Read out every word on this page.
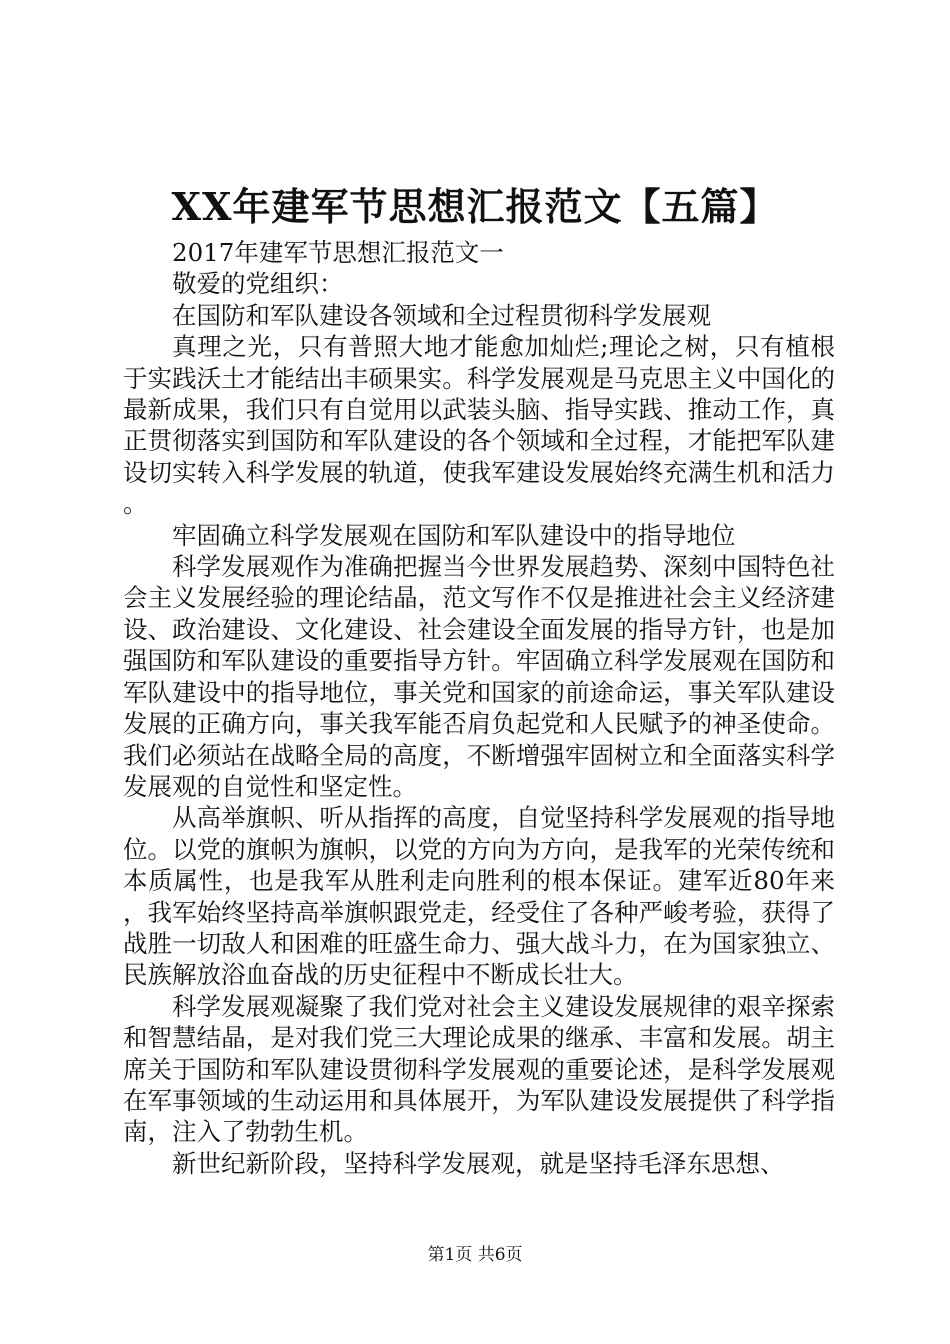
XX年建军节思想汇报范文【五篇】

2017年建军节思想汇报范文一

敬爱的党组织：

在国防和军队建设各领域和全过程贯彻科学发展观

真理之光，只有普照大地才能愈加灿烂;理论之树，只有植根于实践沃土才能结出丰硕果实。科学发展观是马克思主义中国化的最新成果，我们只有自觉用以武装头脑、指导实践、推动工作，真正贯彻落实到国防和军队建设的各个领域和全过程，才能把军队建设切实转入科学发展的轨道，使我军建设发展始终充满生机和活力。

牢固确立科学发展观在国防和军队建设中的指导地位

科学发展观作为准确把握当今世界发展趋势、深刻中国特色社会主义发展经验的理论结晶，范文写作不仅是推进社会主义经济建设、政治建设、文化建设、社会建设全面发展的指导方针，也是加强国防和军队建设的重要指导方针。牢固确立科学发展观在国防和军队建设中的指导地位，事关党和国家的前途命运，事关军队建设发展的正确方向，事关我军能否肩负起党和人民赋予的神圣使命。我们必须站在战略全局的高度，不断增强牢固树立和全面落实科学发展观的自觉性和坚定性。

从高举旗帜、听从指挥的高度，自觉坚持科学发展观的指导地位。以党的旗帜为旗帜，以党的方向为方向，是我军的光荣传统和本质属性，也是我军从胜利走向胜利的根本保证。建军近80年来，我军始终坚持高举旗帜跟党走，经受住了各种严峻考验，获得了战胜一切敌人和困难的旺盛生命力、强大战斗力，在为国家独立、民族解放浴血奋战的历史征程中不断成长壮大。

科学发展观凝聚了我们党对社会主义建设发展规律的艰辛探索和智慧结晶，是对我们党三大理论成果的继承、丰富和发展。胡主席关于国防和军队建设贯彻科学发展观的重要论述，是科学发展观在军事领域的生动运用和具体展开，为军队建设发展提供了科学指南，注入了勃勃生机。

新世纪新阶段，坚持科学发展观，就是坚持毛泽东思想、

第1页 共6页
